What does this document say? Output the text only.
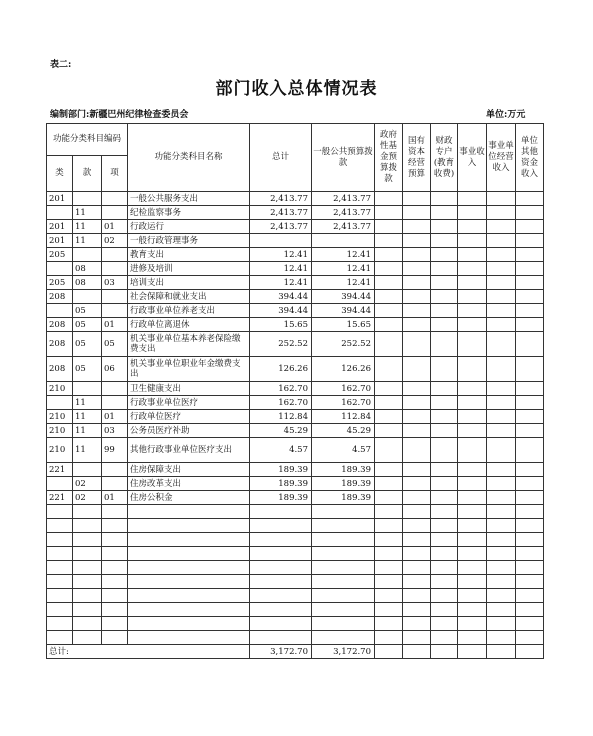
表二:
部门收入总体情况表
编制部门:新疆巴州纪律检查委员会	单位:万元
功能分类科目编码			功能分类科目名称	总计	一般公共预算拨款	政府性基金预算拨款	国有资本经营预算	财政专户(教育收费)	事业收入	事业单位经营收入	单位其他资金收入
类	款	项									
201			一般公共服务支出	2,413.77	2,413.77						
	11		纪检监察事务	2,413.77	2,413.77						
201	11	01	行政运行	2,413.77	2,413.77						
201	11	02	一般行政管理事务								
205			教育支出	12.41	12.41						
	08		进修及培训	12.41	12.41						
205	08	03	培训支出	12.41	12.41						
208			社会保障和就业支出	394.44	394.44						
	05		行政事业单位养老支出	394.44	394.44						
208	05	01	行政单位离退休	15.65	15.65						
208	05	05	机关事业单位基本养老保险缴费支出	252.52	252.52						
208	05	06	机关事业单位职业年金缴费支出	126.26	126.26						
210			卫生健康支出	162.70	162.70						
	11		行政事业单位医疗	162.70	162.70						
210	11	01	行政单位医疗	112.84	112.84						
210	11	03	公务员医疗补助	45.29	45.29						
210	11	99	其他行政事业单位医疗支出	4.57	4.57						
221			住房保障支出	189.39	189.39						
	02		住房改革支出	189.39	189.39						
221	02	01	住房公积金	189.39	189.39						

总计:				3,172.70	3,172.70						
